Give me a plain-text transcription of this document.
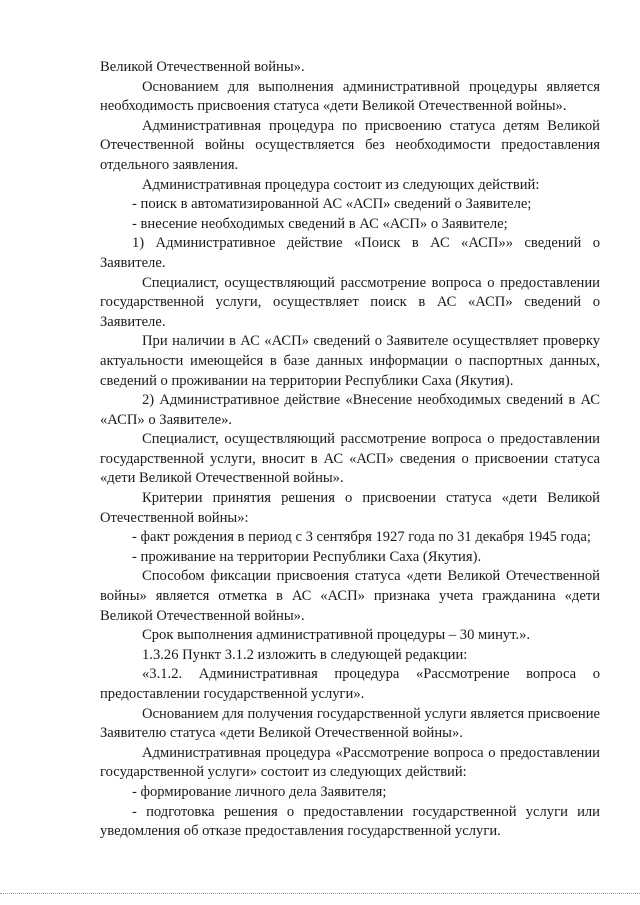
Великой Отечественной войны».

Основанием для выполнения административной процедуры является необходимость присвоения статуса «дети Великой Отечественной войны».

Административная процедура по присвоению статуса детям Великой Отечественной войны осуществляется без необходимости предоставления отдельного заявления.

Административная процедура состоит из следующих действий:

- поиск в автоматизированной АС «АСП» сведений о Заявителе;

- внесение необходимых сведений в АС «АСП» о Заявителе;

1) Административное действие «Поиск в АС «АСП»» сведений о Заявителе.

Специалист, осуществляющий рассмотрение вопроса о предоставлении государственной услуги, осуществляет поиск в АС «АСП» сведений о Заявителе.

При наличии в АС «АСП» сведений о Заявителе осуществляет проверку актуальности имеющейся в базе данных информации о паспортных данных, сведений о проживании на территории Республики Саха (Якутия).

2) Административное действие «Внесение необходимых сведений в АС «АСП» о Заявителе».

Специалист, осуществляющий рассмотрение вопроса о предоставлении государственной услуги, вносит в АС «АСП» сведения о присвоении статуса «дети Великой Отечественной войны».

Критерии принятия решения о присвоении статуса «дети Великой Отечественной войны»:

- факт рождения в период с 3 сентября 1927 года по 31 декабря 1945 года;

- проживание на территории Республики Саха (Якутия).

Способом фиксации присвоения статуса «дети Великой Отечественной войны» является отметка в АС «АСП» признака учета гражданина «дети Великой Отечественной войны».

Срок выполнения административной процедуры – 30 минут.».

1.3.26 Пункт 3.1.2 изложить в следующей редакции:

«3.1.2. Административная процедура «Рассмотрение вопроса о предоставлении государственной услуги».

Основанием для получения государственной услуги является присвоение Заявителю статуса «дети Великой Отечественной войны».

Административная процедура «Рассмотрение вопроса о предоставлении государственной услуги» состоит из следующих действий:

- формирование личного дела Заявителя;

- подготовка решения о предоставлении государственной услуги или уведомления об отказе предоставления государственной услуги.
